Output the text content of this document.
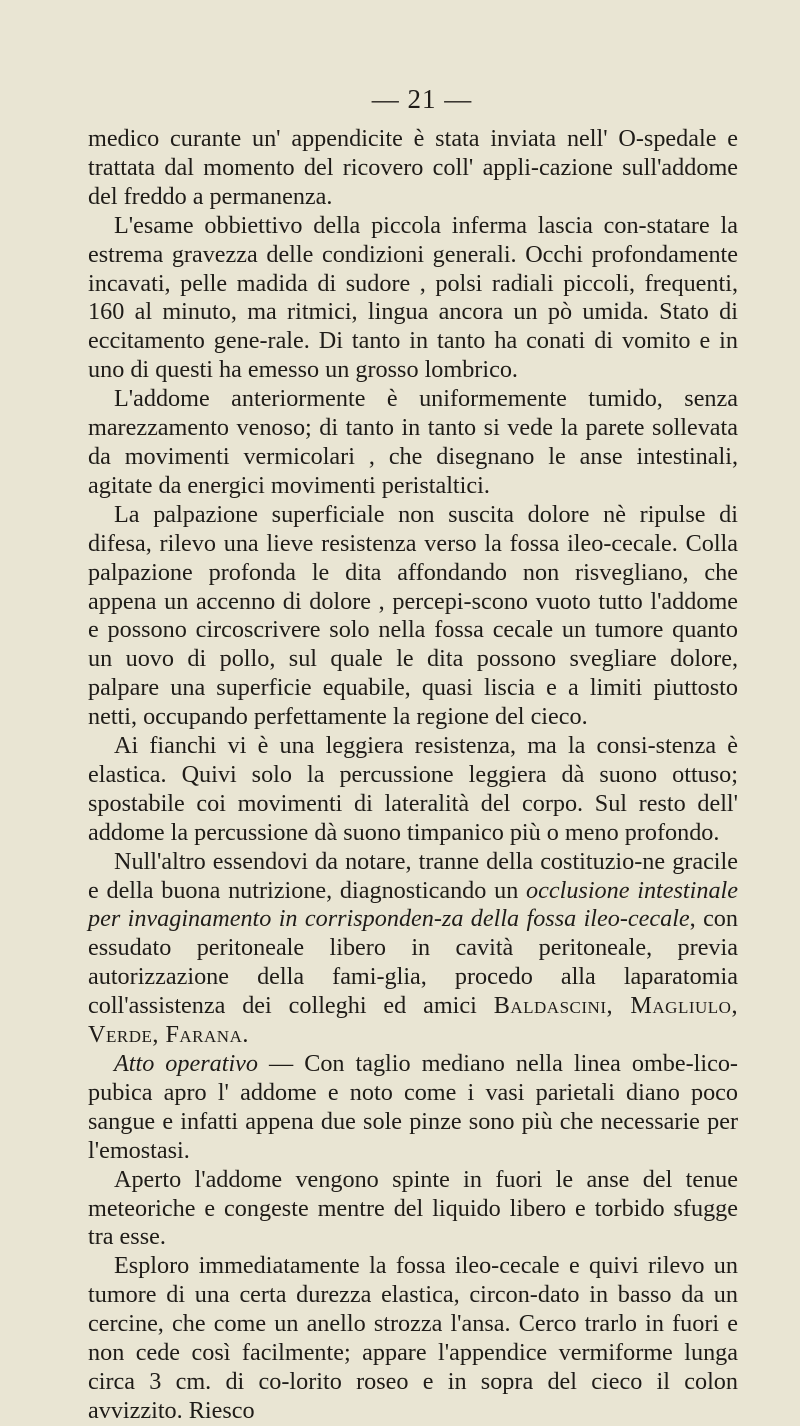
— 21 —

medico curante un' appendicite è stata inviata nell' O-spedale e trattata dal momento del ricovero coll' appli-cazione sull'addome del freddo a permanenza.

L'esame obbiettivo della piccola inferma lascia con-statare la estrema gravezza delle condizioni generali. Occhi profondamente incavati, pelle madida di sudore , polsi radiali piccoli, frequenti, 160 al minuto, ma ritmici, lingua ancora un pò umida. Stato di eccitamento gene-rale. Di tanto in tanto ha conati di vomito e in uno di questi ha emesso un grosso lombrico.

L'addome anteriormente è uniformemente tumido, senza marezzamento venoso; di tanto in tanto si vede la parete sollevata da movimenti vermicolari , che disegnano le anse intestinali, agitate da energici movimenti peristaltici.

La palpazione superficiale non suscita dolore nè ripulse di difesa, rilevo una lieve resistenza verso la fossa ileo-cecale. Colla palpazione profonda le dita affondando non risvegliano, che appena un accenno di dolore , percepi-scono vuoto tutto l'addome e possono circoscrivere solo nella fossa cecale un tumore quanto un uovo di pollo, sul quale le dita possono svegliare dolore, palpare una superficie equabile, quasi liscia e a limiti piuttosto netti, occupando perfettamente la regione del cieco.

Ai fianchi vi è una leggiera resistenza, ma la consi-stenza è elastica. Quivi solo la percussione leggiera dà suono ottuso; spostabile coi movimenti di lateralità del corpo. Sul resto dell' addome la percussione dà suono timpanico più o meno profondo.

Null'altro essendovi da notare, tranne della costituzio-ne gracile e della buona nutrizione, diagnosticando un occlusione intestinale per invaginamento in corrisponden-za della fossa ileo-cecale, con essudato peritoneale libero in cavità peritoneale, previa autorizzazione della fami-glia, procedo alla laparatomia coll'assistenza dei colleghi ed amici Baldascini, Magliulo, Verde, Farana.

Atto operativo — Con taglio mediano nella linea ombe-lico-pubica apro l' addome e noto come i vasi parietali diano poco sangue e infatti appena due sole pinze sono più che necessarie per l'emostasi.

Aperto l'addome vengono spinte in fuori le anse del tenue meteoriche e congeste mentre del liquido libero e torbido sfugge tra esse.

Esploro immediatamente la fossa ileo-cecale e quivi rilevo un tumore di una certa durezza elastica, circon-dato in basso da un cercine, che come un anello strozza l'ansa. Cerco trarlo in fuori e non cede così facilmente; appare l'appendice vermiforme lunga circa 3 cm. di co-lorito roseo e in sopra del cieco il colon avvizzito. Riesco
